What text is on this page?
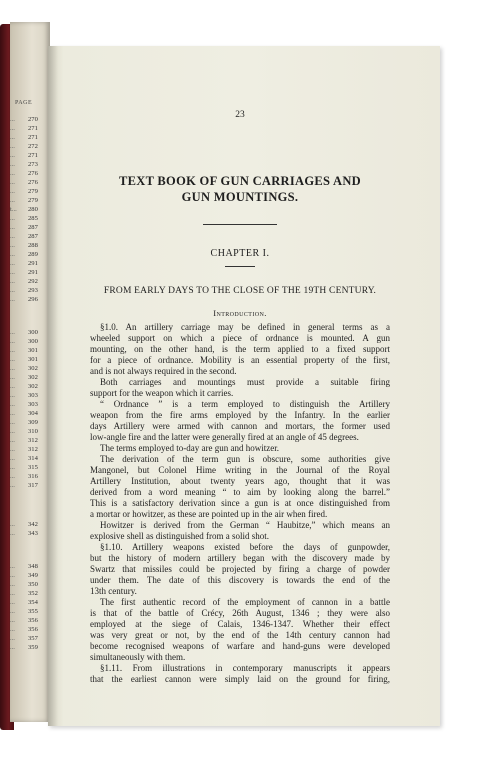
PAGE
... 270
... 271
... 271
... 272
... 271
... 273
... 276
... 276
... 279
... 279
t... 280
... 285
... 287
... 287
... 288
... 289
... 291
... 291
... 292
... 293
... 296
... 300
... 300
... 301
... 301
... 302
... 302
... 302
... 303
... 303
... 304
... 309
... 310
... 312
... 312
... 314
... 315
... 316
... 317
... 342
... 343
... 348
... 349
... 350
... 352
... 354
... 355
... 356
... 356
... 357
... 359
23
TEXT BOOK OF GUN CARRIAGES AND
GUN MOUNTINGS.
CHAPTER I.
FROM EARLY DAYS TO THE CLOSE OF THE 19TH CENTURY.
Introduction.
§1.0. An artillery carriage may be defined in general terms as a
wheeled support on which a piece of ordnance is mounted. A gun
mounting, on the other hand, is the term applied to a fixed support
for a piece of ordnance. Mobility is an essential property of the first,
and is not always required in the second.
Both carriages and mountings must provide a suitable firing
support for the weapon which it carries.
“ Ordnance ” is a term employed to distinguish the Artillery
weapon from the fire arms employed by the Infantry. In the earlier
days Artillery were armed with cannon and mortars, the former used
low-angle fire and the latter were generally fired at an angle of 45 degrees.
The terms employed to-day are gun and howitzer.
The derivation of the term gun is obscure, some authorities give
Mangonel, but Colonel Hime writing in the Journal of the Royal
Artillery Institution, about twenty years ago, thought that it was
derived from a word meaning “ to aim by looking along the barrel.”
This is a satisfactory derivation since a gun is at once distinguished from
a mortar or howitzer, as these are pointed up in the air when fired.
Howitzer is derived from the German “ Haubitze,” which means an
explosive shell as distinguished from a solid shot.
§1.10. Artillery weapons existed before the days of gunpowder,
but the history of modern artillery began with the discovery made by
Swartz that missiles could be projected by firing a charge of powder
under them. The date of this discovery is towards the end of the
13th century.
The first authentic record of the employment of cannon in a battle
is that of the battle of Crécy, 26th August, 1346 ; they were also
employed at the siege of Calais, 1346-1347. Whether their effect
was very great or not, by the end of the 14th century cannon had
become recognised weapons of warfare and hand-guns were developed
simultaneously with them.
§1.11. From illustrations in contemporary manuscripts it appears
that the earliest cannon were simply laid on the ground for firing,
